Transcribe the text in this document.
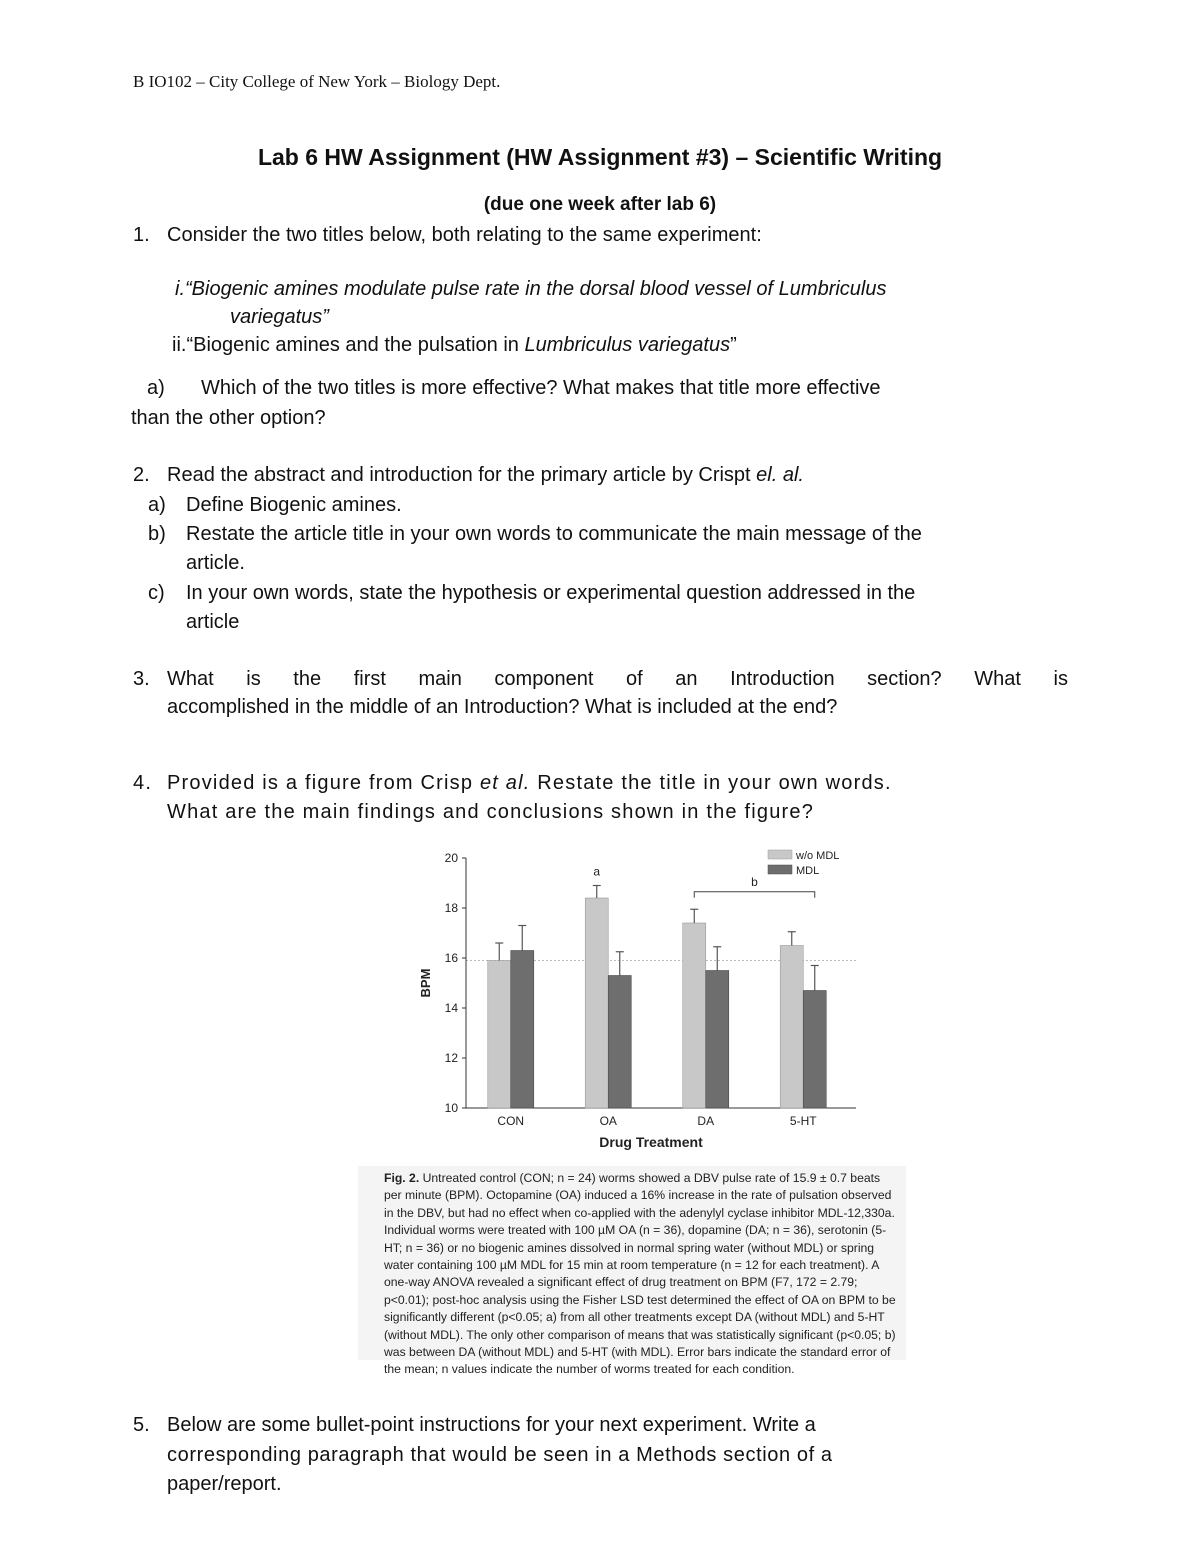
B IO102 – City College of New York – Biology Dept.
Lab 6 HW Assignment (HW Assignment #3) – Scientific Writing
(due one week after lab 6)
1. Consider the two titles below, both relating to the same experiment:
i.“Biogenic amines modulate pulse rate in the dorsal blood vessel of Lumbriculus
variegatus”
ii.“Biogenic amines and the pulsation in Lumbriculus variegatus”
a) Which of the two titles is more effective? What makes that title more effective
than the other option?
2. Read the abstract and introduction for the primary article by Crispt el. al.
a) Define Biogenic amines.
b) Restate the article title in your own words to communicate the main message of the
article.
c) In your own words, state the hypothesis or experimental question addressed in the
article
3. What is the first main component of an Introduction section? What is
accomplished in the middle of an Introduction? What is included at the end?
4. Provided is a figure from Crisp et al. Restate the title in your own words.
What are the main findings and conclusions shown in the figure?
10
12
14
16
18
20
BPM
CON	OA	DA	5-HT
Drug Treatment
a
b
w/o MDL
MDL
Fig. 2. Untreated control (CON; n = 24) worms showed a DBV pulse rate of 15.9 ± 0.7 beats per minute (BPM). Octopamine (OA) induced a 16% increase in the rate of pulsation observed in the DBV, but had no effect when co-applied with the adenylyl cyclase inhibitor MDL-12,330a. Individual worms were treated with 100 µM OA (n = 36), dopamine (DA; n = 36), serotonin (5-HT; n = 36) or no biogenic amines dissolved in normal spring water (without MDL) or spring water containing 100 µM MDL for 15 min at room temperature (n = 12 for each treatment). A one-way ANOVA revealed a significant effect of drug treatment on BPM (F7, 172 = 2.79; p<0.01); post-hoc analysis using the Fisher LSD test determined the effect of OA on BPM to be significantly different (p<0.05; a) from all other treatments except DA (without MDL) and 5-HT (without MDL). The only other comparison of means that was statistically significant (p<0.05; b) was between DA (without MDL) and 5-HT (with MDL). Error bars indicate the standard error of the mean; n values indicate the number of worms treated for each condition.
5. Below are some bullet-point instructions for your next experiment. Write a
corresponding paragraph that would be seen in a Methods section of a
paper/report.
